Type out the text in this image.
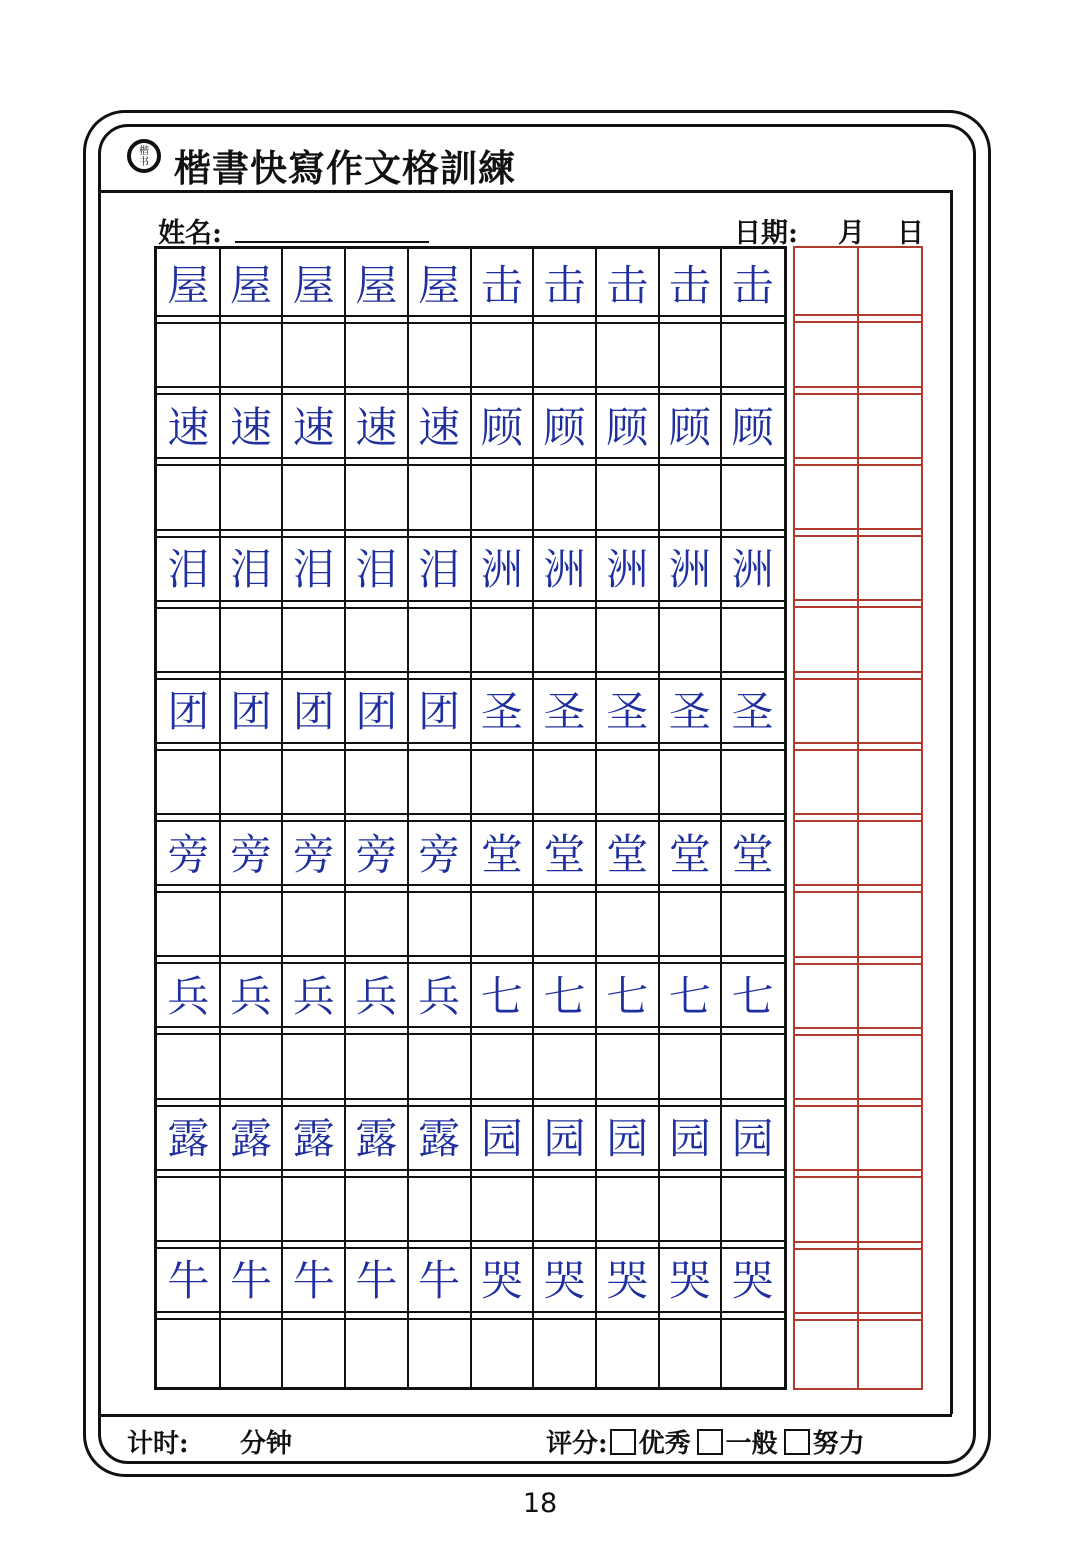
楷
书 楷書快寫作文格訓練
姓名:	日期: 月 日
屋 屋 屋 屋 屋 击 击 击 击 击
速 速 速 速 速 顾 顾 顾 顾 顾
泪 泪 泪 泪 泪 洲 洲 洲 洲 洲
团 团 团 团 团 圣 圣 圣 圣 圣
旁 旁 旁 旁 旁 堂 堂 堂 堂 堂
兵 兵 兵 兵 兵 七 七 七 七 七
露 露 露 露 露 园 园 园 园 园
牛 牛 牛 牛 牛 哭 哭 哭 哭 哭
计时: 分钟	评分: 优秀 一般 努力
18
